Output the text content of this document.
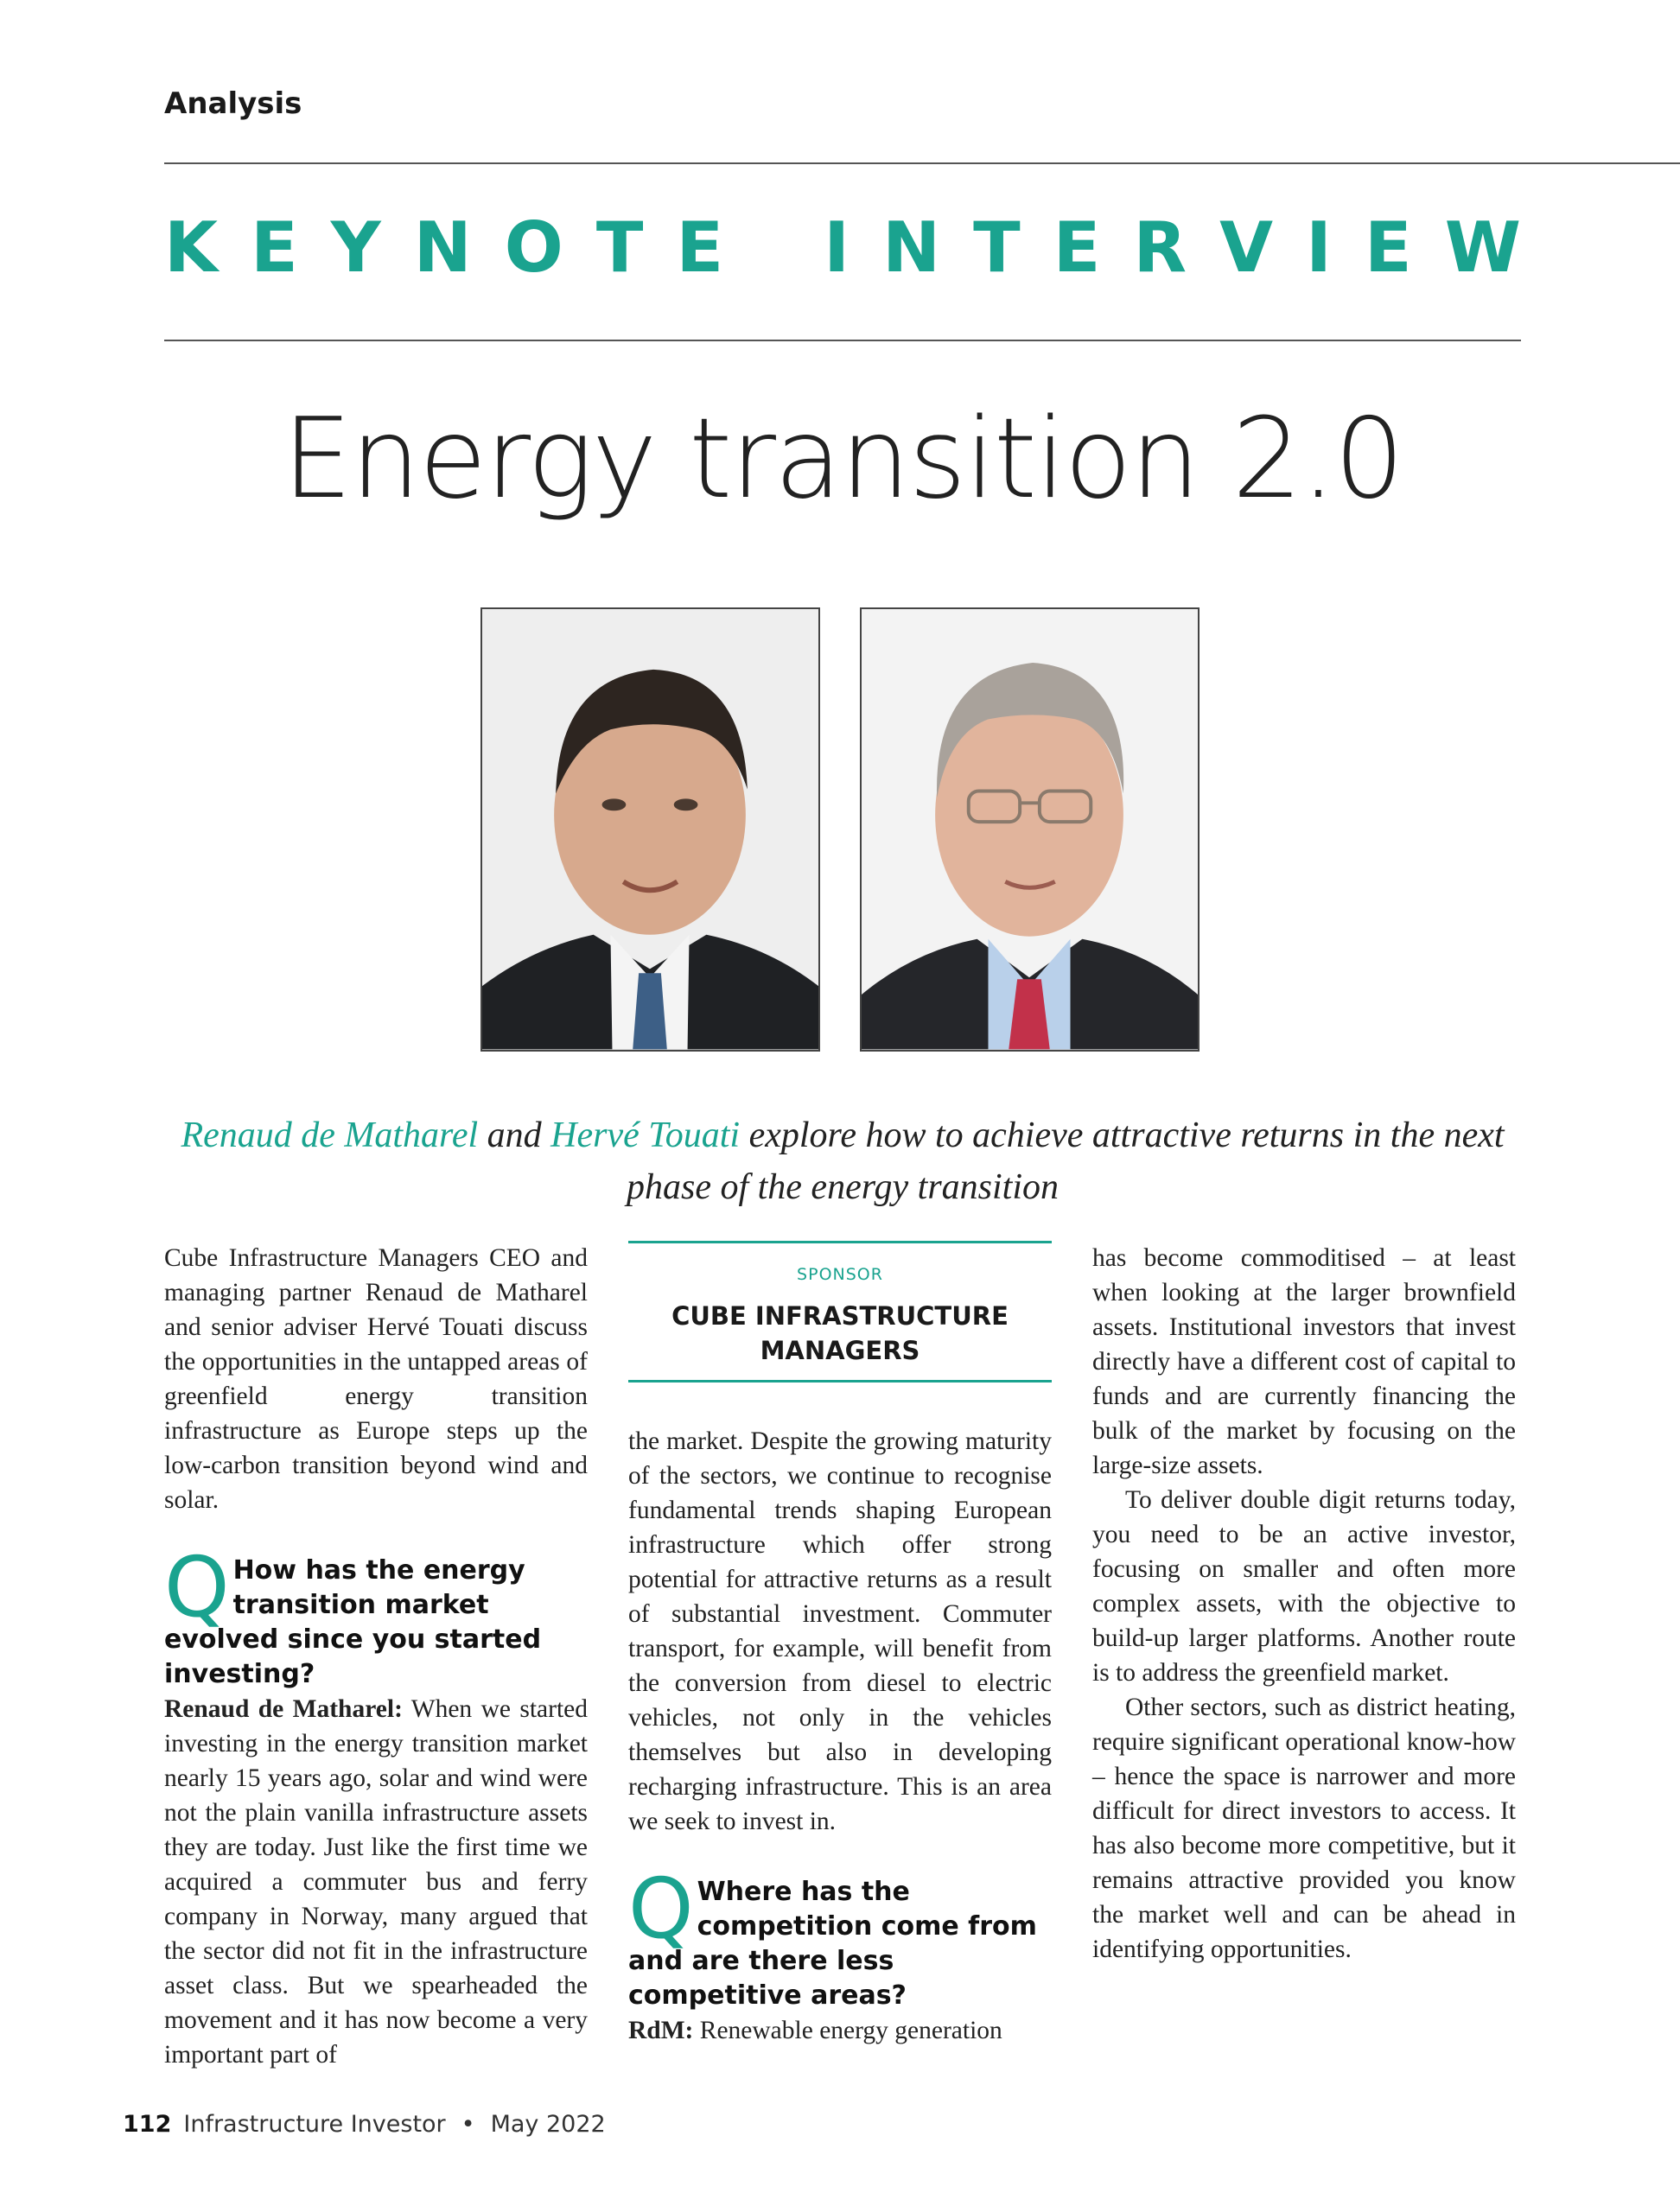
Analysis
K E Y N O T E I N T E R V I E W
Energy transition 2.0
Renaud de Matharel and Hervé Touati explore how to achieve attractive returns in the next phase of the energy transition

Cube Infrastructure Managers CEO and managing partner Renaud de Matharel and senior adviser Hervé Touati discuss the opportunities in the untapped areas of greenfield energy transition infrastructure as Europe steps up the low-carbon transition beyond wind and solar.

Q How has the energy transition market evolved since you started investing?

Renaud de Matharel: When we started investing in the energy transition market nearly 15 years ago, solar and wind were not the plain vanilla infrastructure assets they are today. Just like the first time we acquired a commuter bus and ferry company in Norway, many argued that the sector did not fit in the infrastructure asset class. But we spearheaded the movement and it has now become a very important part of

SPONSOR
CUBE INFRASTRUCTURE MANAGERS

the market. Despite the growing maturity of the sectors, we continue to recognise fundamental trends shaping European infrastructure which offer strong potential for attractive returns as a result of substantial investment. Commuter transport, for example, will benefit from the conversion from diesel to electric vehicles, not only in the vehicles themselves but also in developing recharging infrastructure. This is an area we seek to invest in.

Q Where has the competition come from and are there less competitive areas?

RdM: Renewable energy generation

has become commoditised – at least when looking at the larger brownfield assets. Institutional investors that invest directly have a different cost of capital to funds and are currently financing the bulk of the market by focusing on the large-size assets.

To deliver double digit returns today, you need to be an active investor, focusing on smaller and often more complex assets, with the objective to build-up larger platforms. Another route is to address the greenfield market.

Other sectors, such as district heating, require significant operational know-how – hence the space is narrower and more difficult for direct investors to access. It has also become more competitive, but it remains attractive provided you know the market well and can be ahead in identifying opportunities.

112 Infrastructure Investor • May 2022
